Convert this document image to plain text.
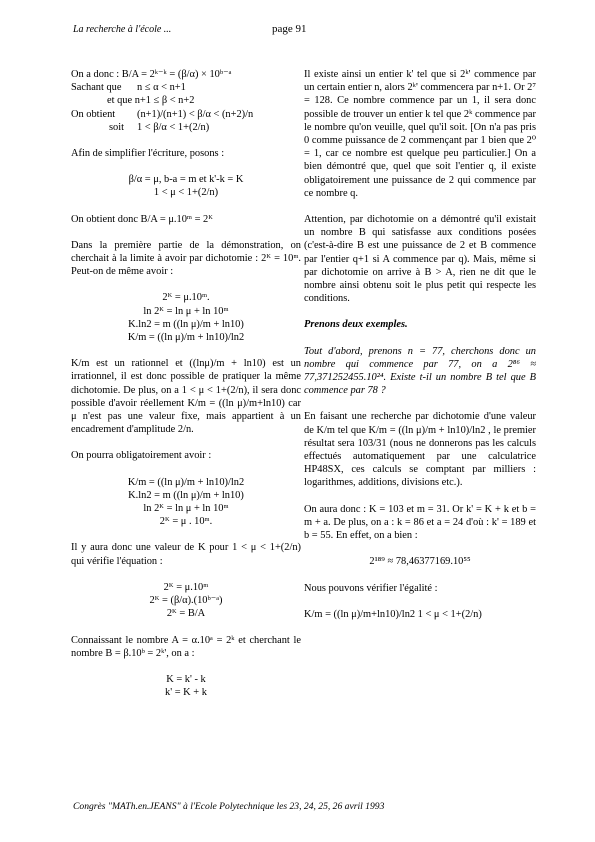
La recherche à l'école ...	page 91

On a donc : B/A = 2ᵏ⁻ᵏ = (β/α) × 10ᵇ⁻ᵃ

Sachant que	n ≤ α < n+1

et que n+1 ≤ β < n+2

On obtient	(n+1)/(n+1) < β/α < (n+2)/n
soit	1 < β/α < 1+(2/n)

Afin de simplifier l'écriture, posons :

β/α = μ, b-a = m et k'-k = K

1 < μ < 1+(2/n)

On obtient donc B/A = μ.10ᵐ = 2ᴷ

Dans la première partie de la démonstration, on cherchait à la limite à avoir par dichotomie : 2ᴷ = 10ᵐ. Peut-on de même avoir :

2ᴷ = μ.10ᵐ.

ln 2ᴷ = ln μ + ln 10ᵐ

K.ln2 = m ((ln μ)/m + ln10)

K/m = ((ln μ)/m + ln10)/ln2

K/m est un rationnel et ((lnμ)/m + ln10) est un irrationnel, il est donc possible de pratiquer la même dichotomie. De plus, on a 1 < μ < 1+(2/n), il sera donc possible d'avoir réellement K/m = ((ln μ)/m+ln10) car μ n'est pas une valeur fixe, mais appartient à un encadrement d'amplitude 2/n.

On pourra obligatoirement avoir :

K/m = ((ln μ)/m + ln10)/ln2

K.ln2 = m ((ln μ)/m + ln10)

ln 2ᴷ = ln μ + ln 10ᵐ

2ᴷ = μ . 10ᵐ.

Il y aura donc une valeur de K pour 1 < μ < 1+(2/n) qui vérifie l'équation :

2ᴷ = μ.10ᵐ

2ᴷ = (β/α).(10ᵇ⁻ᵃ)

2ᴷ = B/A

Connaissant le nombre A = α.10ᵃ = 2ᵏ et cherchant le nombre B = β.10ᵇ = 2ᵏ', on a :

K = k' - k

k' = K + k

Il existe ainsi un entier k' tel que si 2ᵏ' commence par un certain entier n, alors 2ᵏ' commencera par n+1. Or 2⁷ = 128. Ce nombre commence par un 1, il sera donc possible de trouver un entier k tel que 2ᵏ commence par le nombre qu'on veuille, quel qu'il soit. [On n'a pas pris 0 comme puissance de 2 commençant par 1 bien que 2⁰ = 1, car ce nombre est quelque peu particulier.] On a bien démontré que, quel que soit l'entier q, il existe obligatoirement une puissance de 2 qui commence par ce nombre q.

Attention, par dichotomie on a démontré qu'il existait un nombre B qui satisfasse aux conditions posées (c'est-à-dire B est une puissance de 2 et B commence par l'entier q+1 si A commence par q). Mais, même si par dichotomie on arrive à B > A, rien ne dit que le nombre ainsi obtenu soit le plus petit qui respecte les conditions.

Prenons deux exemples.

Tout d'abord, prenons n = 77, cherchons donc un nombre qui commence par 77, on a 2⁸⁶ ≈ 77,371252455.10²⁴. Existe t-il un nombre B tel que B commence par 78 ?

En faisant une recherche par dichotomie d'une valeur de K/m tel que K/m = ((ln μ)/m + ln10)/ln2 , le premier résultat sera 103/31 (nous ne donnerons pas les calculs effectués automatiquement par une calculatrice HP48SX, ces calculs se comptant par milliers : logarithmes, additions, divisions etc.).

On aura donc : K = 103 et m = 31. Or k' = K + k et b = m + a. De plus, on a : k = 86 et a = 24 d'où : k' = 189 et b = 55. En effet, on a bien :

2¹⁸⁹ ≈ 78,46377169.10⁵⁵

Nous pouvons vérifier l'égalité :

K/m = ((ln μ)/m+ln10)/ln2 1 < μ < 1+(2/n)

Congrès "MATh.en.JEANS" à l'Ecole Polytechnique les 23, 24, 25, 26 avril 1993
